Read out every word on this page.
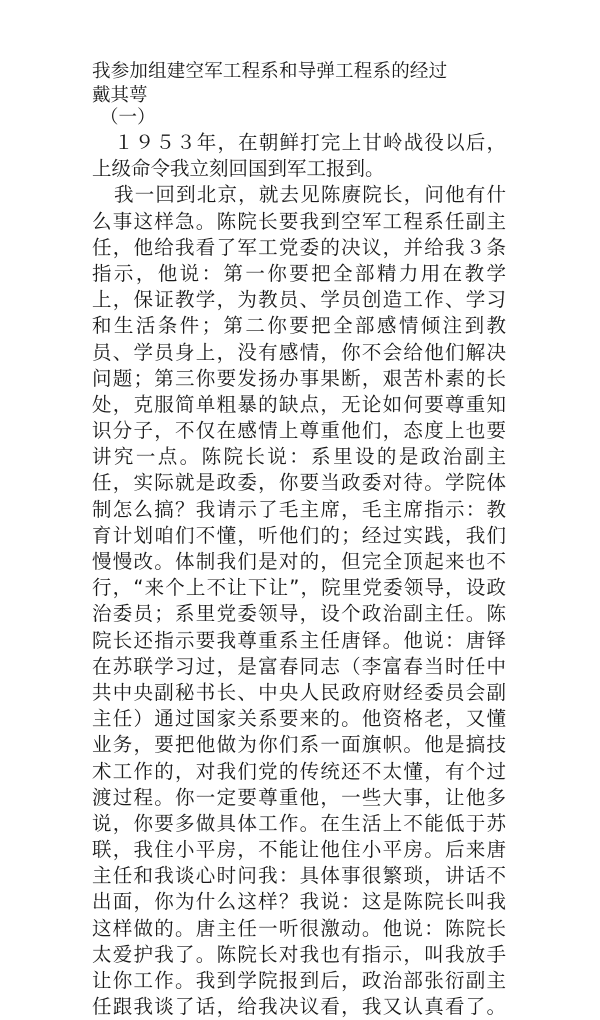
我参加组建空军工程系和导弹工程系的经过
戴其萼
（一）
１９５３年，在朝鲜打完上甘岭战役以后，
上级命令我立刻回国到军工报到。
我一回到北京，就去见陈赓院长，问他有什
么事这样急。陈院长要我到空军工程系任副主
任，他给我看了军工党委的决议，并给我３条
指示，他说：第一你要把全部精力用在教学
上，保证教学，为教员、学员创造工作、学习
和生活条件；第二你要把全部感情倾注到教
员、学员身上，没有感情，你不会给他们解决
问题；第三你要发扬办事果断，艰苦朴素的长
处，克服简单粗暴的缺点，无论如何要尊重知
识分子，不仅在感情上尊重他们，态度上也要
讲究一点。陈院长说：系里设的是政治副主
任，实际就是政委，你要当政委对待。学院体
制怎么搞？我请示了毛主席，毛主席指示：教
育计划咱们不懂，听他们的；经过实践，我们
慢慢改。体制我们是对的，但完全顶起来也不
行，“来个上不让下让”，院里党委领导，设政
治委员；系里党委领导，设个政治副主任。陈
院长还指示要我尊重系主任唐铎。他说：唐铎
在苏联学习过，是富春同志（李富春当时任中
共中央副秘书长、中央人民政府财经委员会副
主任）通过国家关系要来的。他资格老，又懂
业务，要把他做为你们系一面旗帜。他是搞技
术工作的，对我们党的传统还不太懂，有个过
渡过程。你一定要尊重他，一些大事，让他多
说，你要多做具体工作。在生活上不能低于苏
联，我住小平房，不能让他住小平房。后来唐
主任和我谈心时问我：具体事很繁琐，讲话不
出面，你为什么这样？我说：这是陈院长叫我
这样做的。唐主任一听很激动。他说：陈院长
太爱护我了。陈院长对我也有指示，叫我放手
让你工作。我到学院报到后，政治部张衍副主
任跟我谈了话，给我决议看，我又认真看了。
